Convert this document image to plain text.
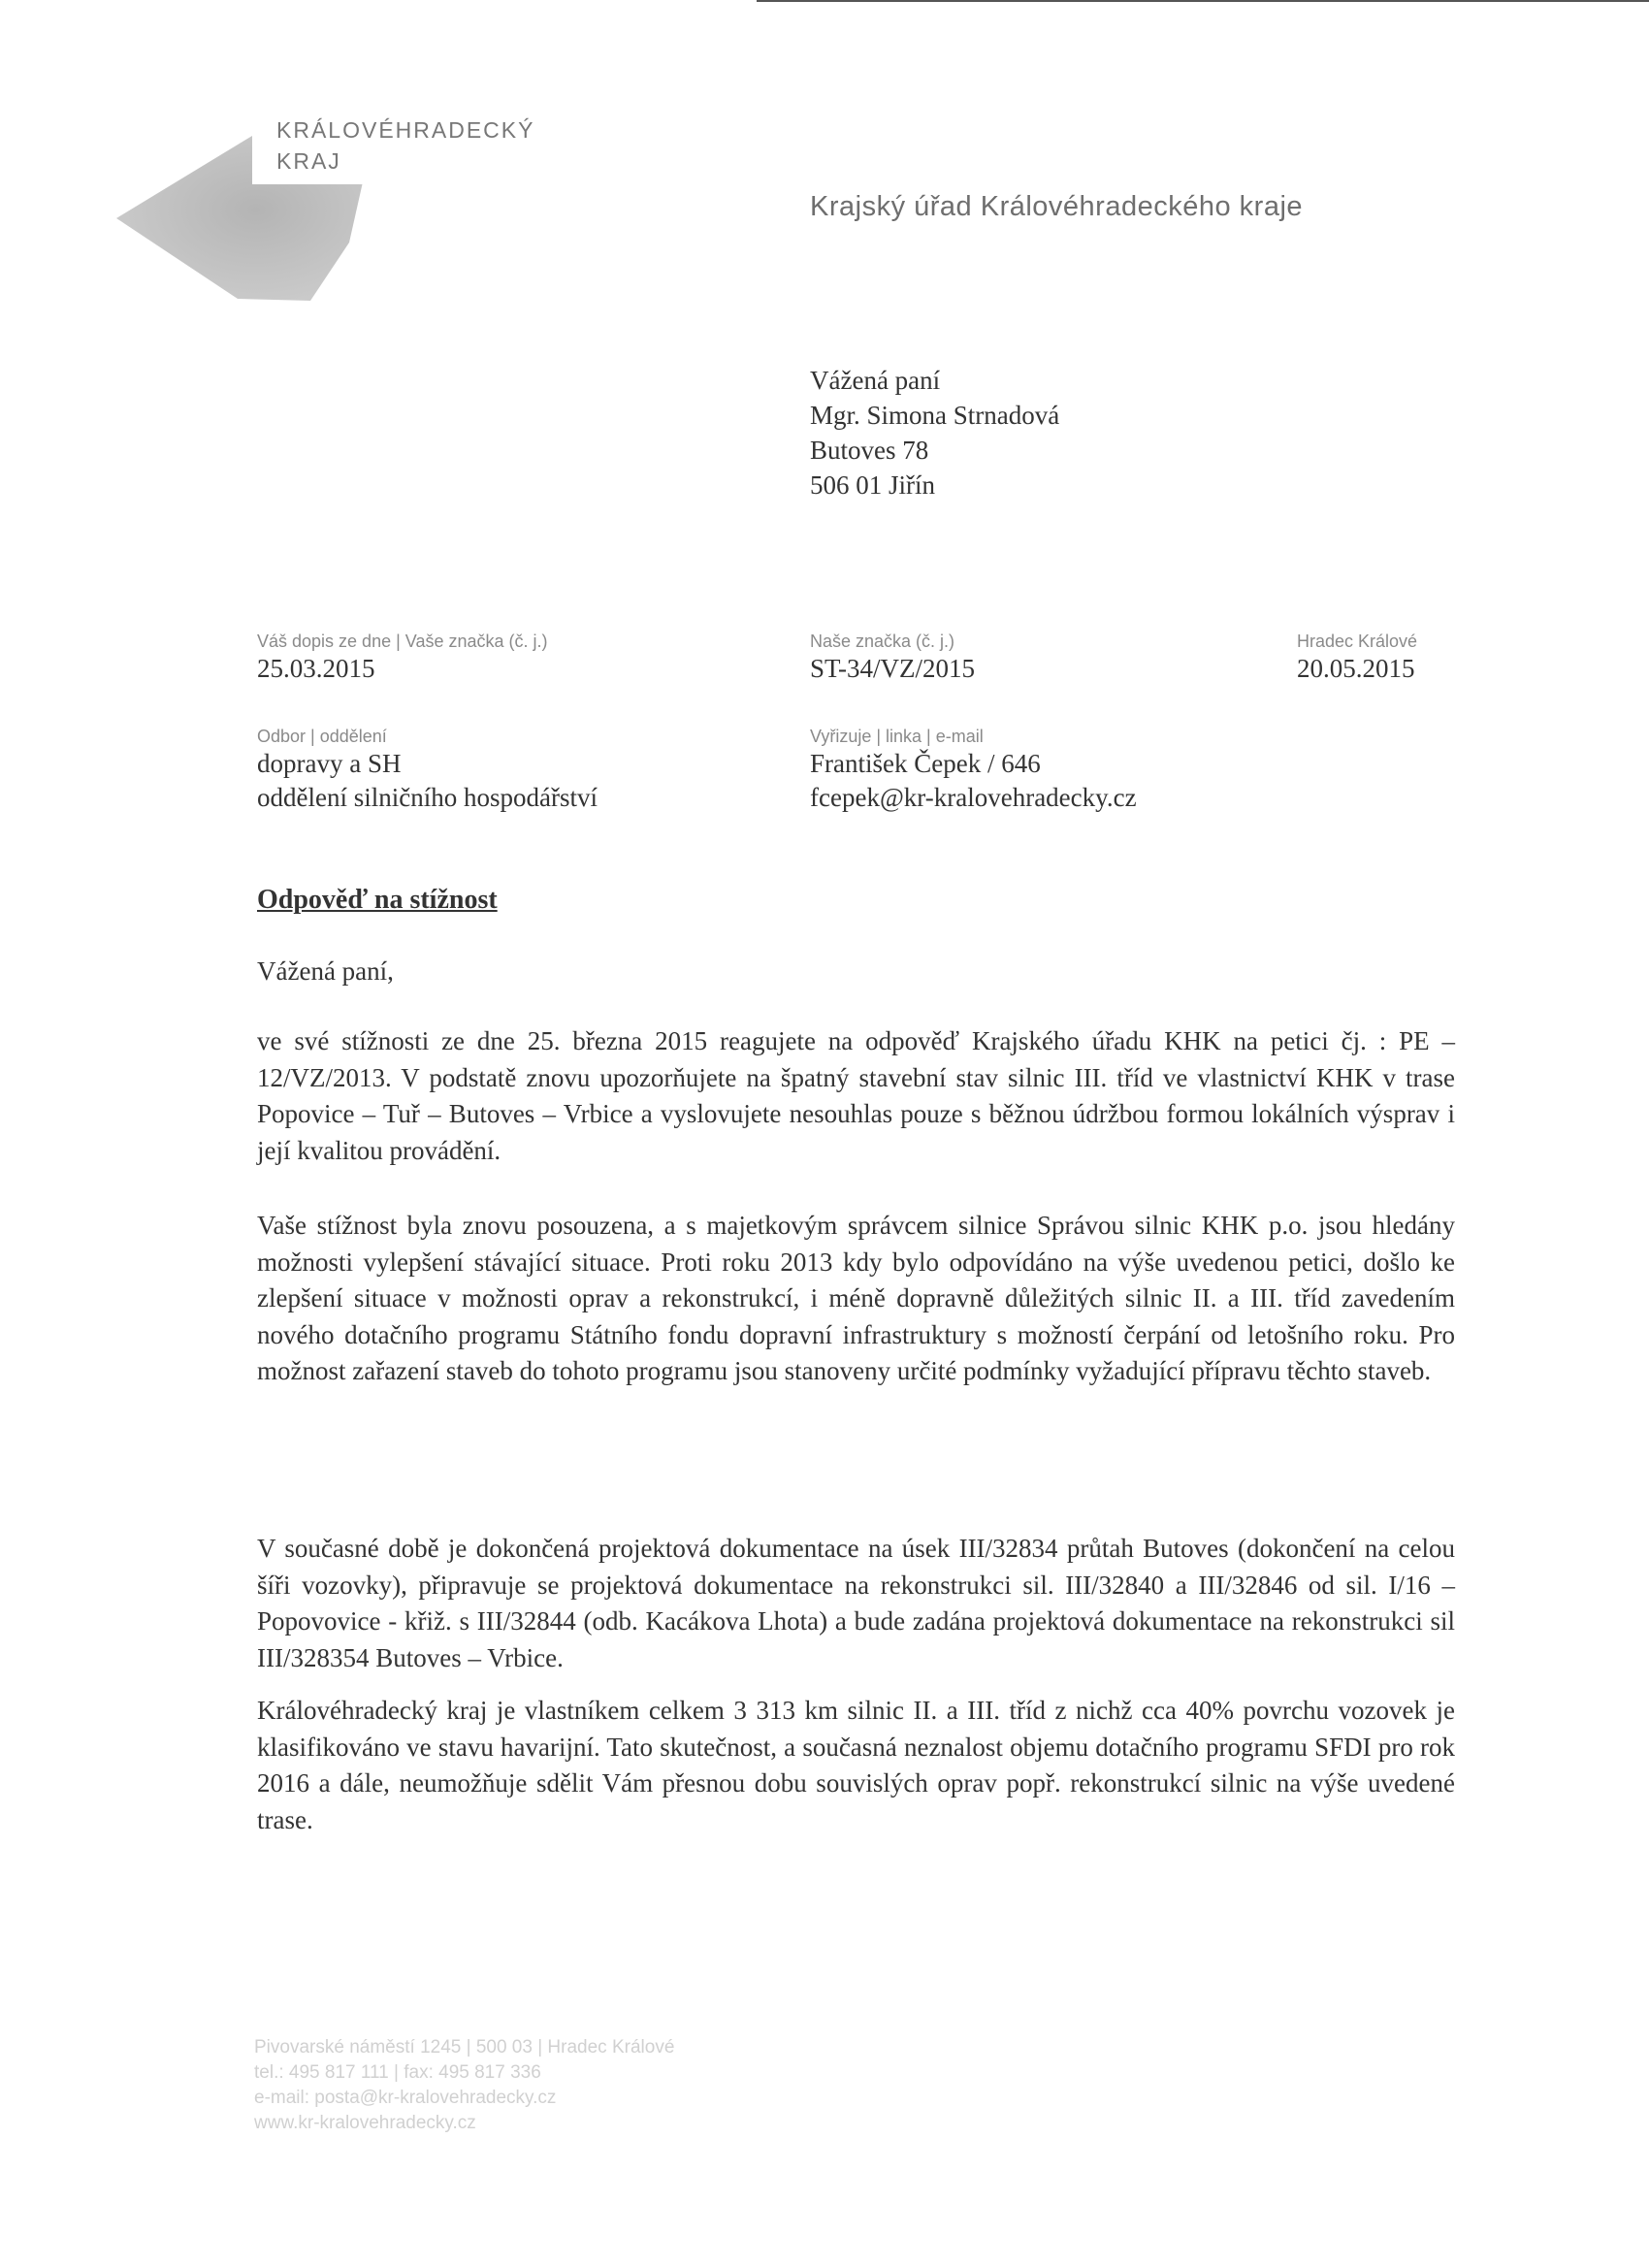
KRÁLOVÉHRADECKÝ
KRAJ
Krajský úřad Královéhradeckého kraje
Vážená paní
Mgr. Simona Strnadová
Butoves 78
506 01 Jiřín
Váš dopis ze dne | Vaše značka (č. j.)
25.03.2015
Naše značka (č. j.)
ST-34/VZ/2015
Hradec Králové
20.05.2015
Odbor | oddělení
dopravy a SH
oddělení silničního hospodářství
Vyřizuje | linka | e-mail
František Čepek / 646
fcepek@kr-kralovehradecky.cz
Odpověď na stížnost
Vážená paní,
ve své stížnosti ze dne 25. března 2015 reagujete na odpověď Krajského úřadu KHK na petici čj. : PE – 12/VZ/2013. V podstatě znovu upozorňujete na špatný stavební stav silnic III. tříd ve vlastnictví KHK v trase Popovice – Tuř – Butoves – Vrbice a vyslovujete nesouhlas pouze s běžnou údržbou formou lokálních výsprav i její kvalitou provádění.
Vaše stížnost byla znovu posouzena, a s majetkovým správcem silnice Správou silnic KHK p.o. jsou hledány možnosti vylepšení stávající situace. Proti roku 2013 kdy bylo odpovídáno na výše uvedenou petici, došlo ke zlepšení situace v možnosti oprav a rekonstrukcí, i méně dopravně důležitých silnic II. a III. tříd zavedením nového dotačního programu Státního fondu dopravní infrastruktury s možností čerpání od letošního roku. Pro možnost zařazení staveb do tohoto programu jsou stanoveny určité podmínky vyžadující přípravu těchto staveb.
V současné době je dokončená projektová dokumentace na úsek III/32834 průtah Butoves (dokončení na celou šíři vozovky), připravuje se projektová dokumentace na rekonstrukci sil. III/32840 a III/32846 od sil. I/16 – Popovovice - křiž. s III/32844 (odb. Kacákova Lhota) a bude zadána projektová dokumentace na rekonstrukci sil III/328354 Butoves – Vrbice.
Královéhradecký kraj je vlastníkem celkem 3 313 km silnic II. a III. tříd z nichž cca 40% povrchu vozovek je klasifikováno ve stavu havarijní. Tato skutečnost, a současná neznalost objemu dotačního programu SFDI pro rok 2016 a dále, neumožňuje sdělit Vám přesnou dobu souvislých oprav popř. rekonstrukcí silnic na výše uvedené trase.
Pivovarské náměstí 1245 | 500 03 | Hradec Králové
tel.: 495 817 111 | fax: 495 817 336
e-mail: posta@kr-kralovehradecky.cz
www.kr-kralovehradecky.cz
